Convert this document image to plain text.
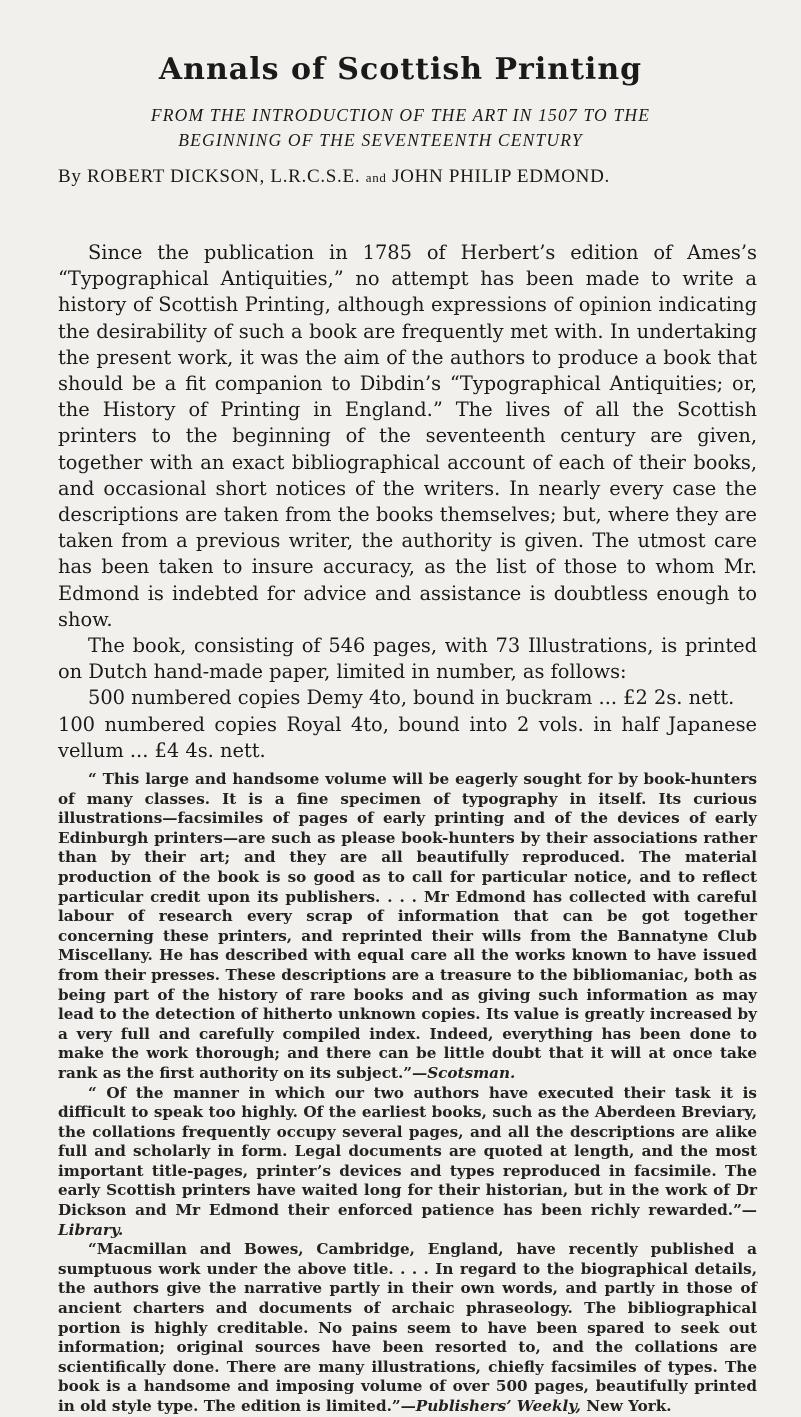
Annals of Scottish Printing
FROM THE INTRODUCTION OF THE ART IN 1507 TO THE
BEGINNING OF THE SEVENTEENTH CENTURY
By ROBERT DICKSON, L.R.C.S.E. and JOHN PHILIP EDMOND.

Since the publication in 1785 of Herbert’s edition of Ames’s “Typographical Antiquities,” no attempt has been made to write a history of Scottish Printing, although expressions of opinion indicating the desirability of such a book are frequently met with. In undertaking the present work, it was the aim of the authors to produce a book that should be a fit companion to Dibdin’s “Typographical Antiquities; or, the History of Printing in England.” The lives of all the Scottish printers to the beginning of the seventeenth century are given, together with an exact bibliographical account of each of their books, and occasional short notices of the writers. In nearly every case the descriptions are taken from the books themselves; but, where they are taken from a previous writer, the authority is given. The utmost care has been taken to insure accuracy, as the list of those to whom Mr. Edmond is indebted for advice and assistance is doubtless enough to show.

The book, consisting of 546 pages, with 73 Illustrations, is printed on Dutch hand-made paper, limited in number, as follows:

500 numbered copies Demy 4to, bound in buckram ... £2 2s. nett.

100 numbered copies Royal 4to, bound into 2 vols. in half Japanese vellum ... £4 4s. nett.

“ This large and handsome volume will be eagerly sought for by book-hunters of many classes. It is a fine specimen of typography in itself. Its curious illustrations—facsimiles of pages of early printing and of the devices of early Edinburgh printers—are such as please book-hunters by their associations rather than by their art; and they are all beautifully reproduced. The material production of the book is so good as to call for particular notice, and to reflect particular credit upon its publishers. . . . Mr Edmond has collected with careful labour of research every scrap of information that can be got together concerning these printers, and reprinted their wills from the Bannatyne Club Miscellany. He has described with equal care all the works known to have issued from their presses. These descriptions are a treasure to the bibliomaniac, both as being part of the history of rare books and as giving such information as may lead to the detection of hitherto unknown copies. Its value is greatly increased by a very full and carefully compiled index. Indeed, everything has been done to make the work thorough; and there can be little doubt that it will at once take rank as the first authority on its subject.”—Scotsman.

“ Of the manner in which our two authors have executed their task it is difficult to speak too highly. Of the earliest books, such as the Aberdeen Breviary, the collations frequently occupy several pages, and all the descriptions are alike full and scholarly in form. Legal documents are quoted at length, and the most important title-pages, printer’s devices and types reproduced in facsimile. The early Scottish printers have waited long for their historian, but in the work of Dr Dickson and Mr Edmond their enforced patience has been richly rewarded.”—Library.

“Macmillan and Bowes, Cambridge, England, have recently published a sumptuous work under the above title. . . . In regard to the biographical details, the authors give the narrative partly in their own words, and partly in those of ancient charters and documents of archaic phraseology. The bibliographical portion is highly creditable. No pains seem to have been spared to seek out information; original sources have been resorted to, and the collations are scientifically done. There are many illustrations, chiefly facsimiles of types. The book is a handsome and imposing volume of over 500 pages, beautifully printed in old style type. The edition is limited.”—Publishers’ Weekly, New York.
